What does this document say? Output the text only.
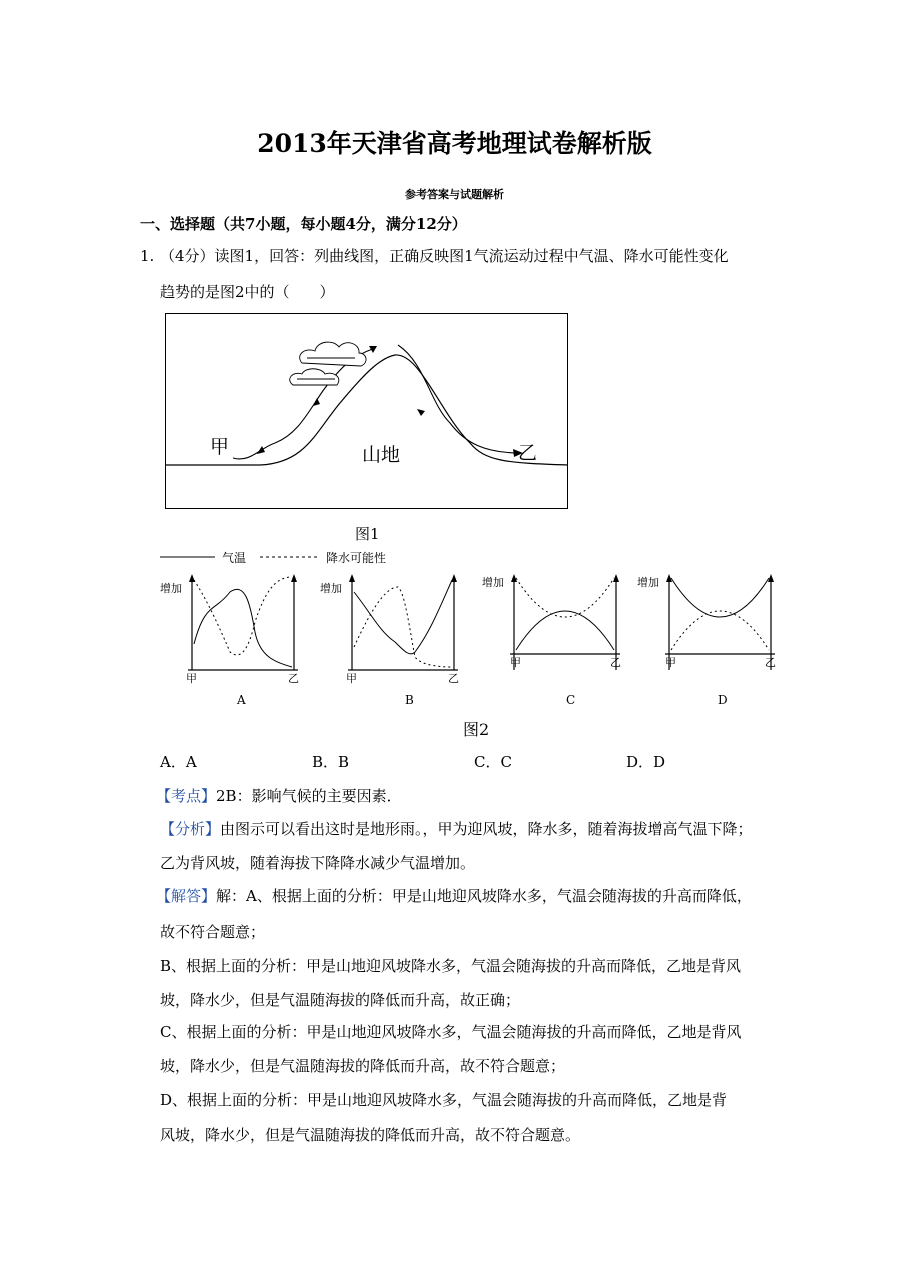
2013年天津省高考地理试卷解析版
参考答案与试题解析
一、选择题（共7小题，每小题4分，满分12分）
1. （4分）读图1，回答：列曲线图，正确反映图1气流运动过程中气温、降水可能性变化
趋势的是图2中的（　　）
甲	山地	乙
图1
气温	降水可能性
增加
甲	乙
增加
甲	乙
增加
甲	乙
增加
甲	乙
A	B	C	D
图2
A．A	B．B	C．C	D．D
【考点】2B：影响气候的主要因素．
【分析】由图示可以看出这时是地形雨。，甲为迎风坡，降水多，随着海拔增高气温下降；
乙为背风坡，随着海拔下降降水减少气温增加。
【解答】解：A、根据上面的分析：甲是山地迎风坡降水多，气温会随海拔的升高而降低，
故不符合题意；
B、根据上面的分析：甲是山地迎风坡降水多，气温会随海拔的升高而降低，乙地是背风
坡，降水少，但是气温随海拔的降低而升高，故正确；
C、根据上面的分析：甲是山地迎风坡降水多，气温会随海拔的升高而降低，乙地是背风
坡，降水少，但是气温随海拔的降低而升高，故不符合题意；
D、根据上面的分析：甲是山地迎风坡降水多，气温会随海拔的升高而降低，乙地是背
风坡，降水少，但是气温随海拔的降低而升高，故不符合题意。
